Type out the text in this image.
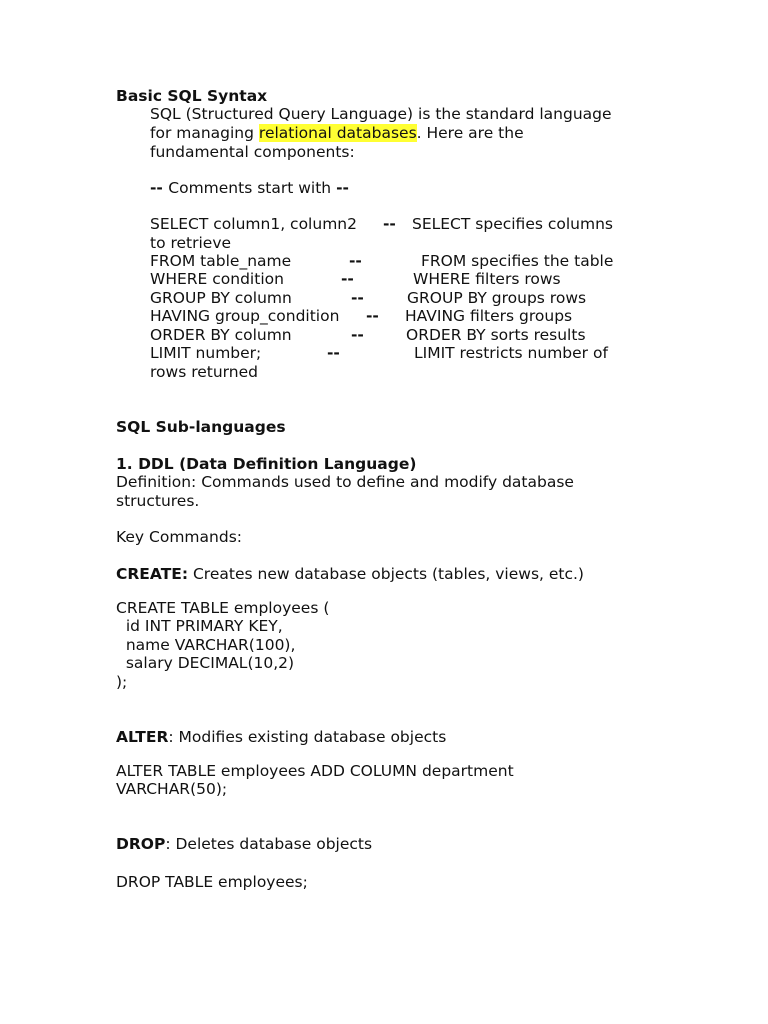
Basic SQL Syntax
SQL (Structured Query Language) is the standard language
for managing relational databases. Here are the
fundamental components:
-- Comments start with --
SELECT column1, column2 -- SELECT specifies columns
to retrieve
FROM table_name	--	FROM specifies the table
WHERE condition	--	WHERE filters rows
GROUP BY column	--	GROUP BY groups rows
HAVING group_condition -- HAVING filters groups
ORDER BY column	--	ORDER BY sorts results
LIMIT number;	--	LIMIT restricts number of
rows returned
SQL Sub-languages
1. DDL (Data Definition Language)
Definition: Commands used to define and modify database
structures.
Key Commands:
CREATE: Creates new database objects (tables, views, etc.)
CREATE TABLE employees (
id INT PRIMARY KEY,
name VARCHAR(100),
salary DECIMAL(10,2)
);
ALTER: Modifies existing database objects
ALTER TABLE employees ADD COLUMN department
VARCHAR(50);
DROP: Deletes database objects
DROP TABLE employees;
